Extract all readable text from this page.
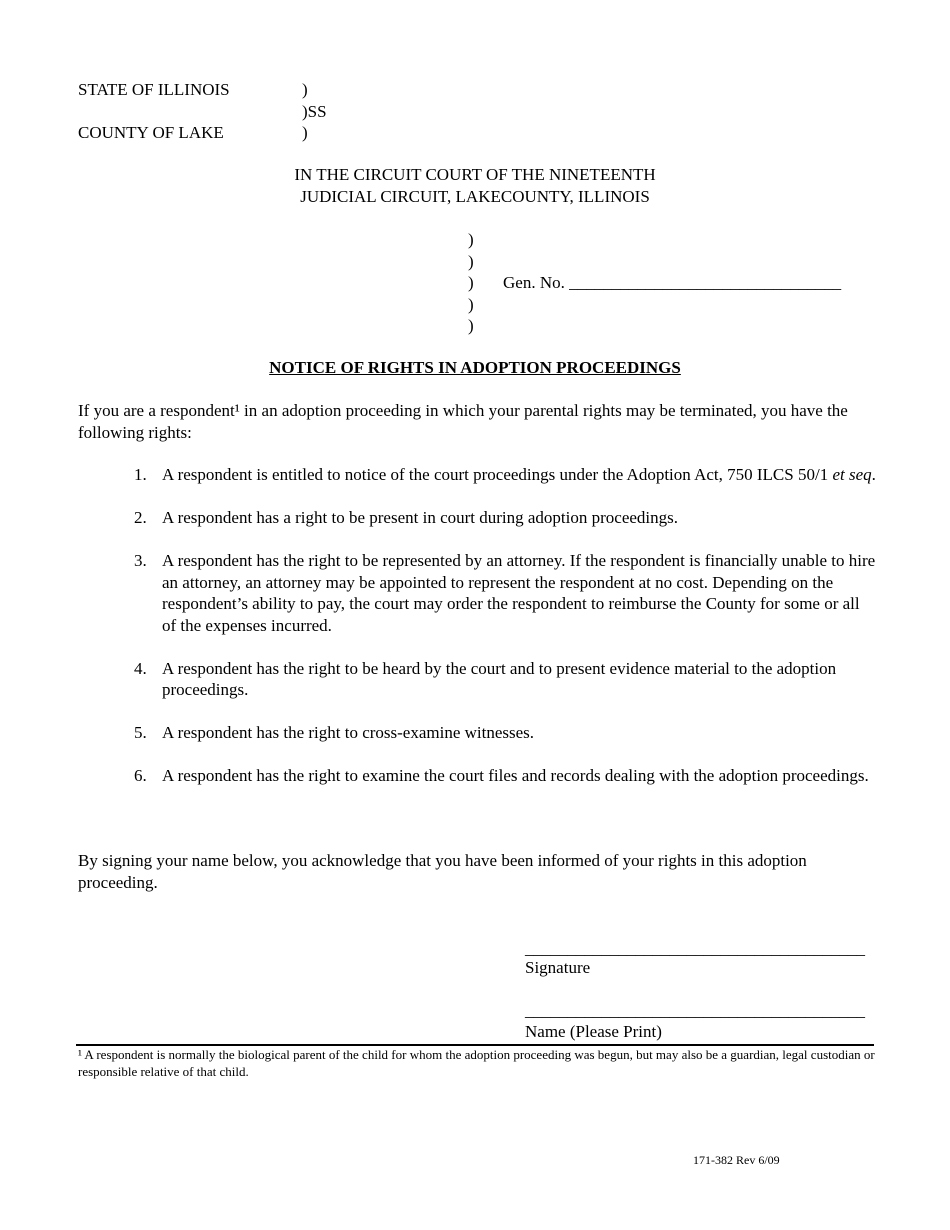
STATE OF ILLINOIS	)
)SS
COUNTY OF LAKE	)
IN THE CIRCUIT COURT OF THE NINETEENTH
JUDICIAL CIRCUIT, LAKECOUNTY, ILLINOIS
)
)
)
)
)
Gen. No. ________________________________
NOTICE OF RIGHTS IN ADOPTION PROCEEDINGS
If you are a respondent¹ in an adoption proceeding in which your parental rights may be terminated, you have the following rights:
1. A respondent is entitled to notice of the court proceedings under the Adoption Act, 750 ILCS 50/1 et seq.
2. A respondent has a right to be present in court during adoption proceedings.
3. A respondent has the right to be represented by an attorney. If the respondent is financially unable to hire an attorney, an attorney may be appointed to represent the respondent at no cost. Depending on the respondent’s ability to pay, the court may order the respondent to reimburse the County for some or all of the expenses incurred.
4. A respondent has the right to be heard by the court and to present evidence material to the adoption proceedings.
5. A respondent has the right to cross-examine witnesses.
6. A respondent has the right to examine the court files and records dealing with the adoption proceedings.
By signing your name below, you acknowledge that you have been informed of your rights in this adoption proceeding.
________________________________________
Signature
________________________________________
Name (Please Print)
¹ A respondent is normally the biological parent of the child for whom the adoption proceeding was begun, but may also be a guardian, legal custodian or responsible relative of that child.
171-382 Rev 6/09
